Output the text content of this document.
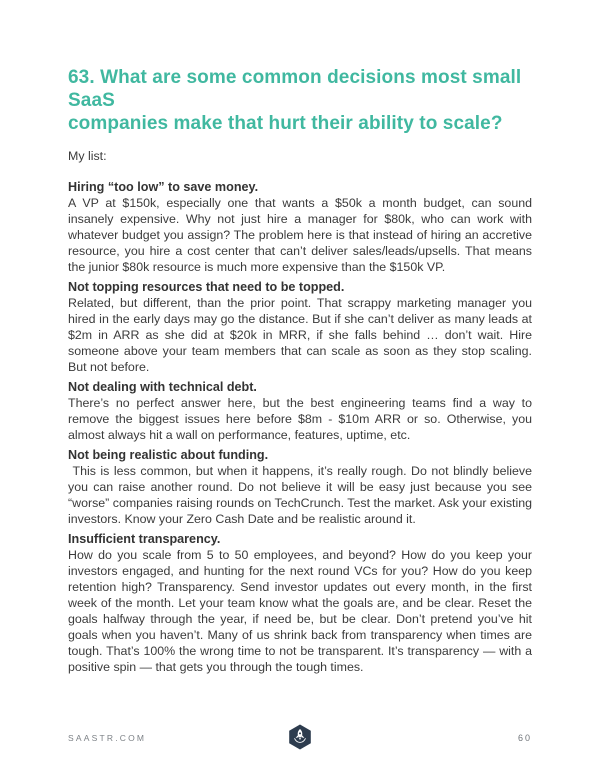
63. What are some common decisions most small SaaS
companies make that hurt their ability to scale?

My list:

Hiring “too low” to save money.

A VP at $150k, especially one that wants a $50k a month budget, can sound insanely expensive. Why not just hire a manager for $80k, who can work with whatever budget you assign? The problem here is that instead of hiring an accretive resource, you hire a cost center that can’t deliver sales/leads/upsells. That means the junior $80k resource is much more expensive than the $150k VP.

Not topping resources that need to be topped.

Related, but different, than the prior point. That scrappy marketing manager you hired in the early days may go the distance. But if she can’t deliver as many leads at $2m in ARR as she did at $20k in MRR, if she falls behind … don’t wait. Hire someone above your team members that can scale as soon as they stop scaling. But not before.

Not dealing with technical debt.

There’s no perfect answer here, but the best engineering teams find a way to remove the biggest issues here before $8m - $10m ARR or so. Otherwise, you almost always hit a wall on performance, features, uptime, etc.

Not being realistic about funding.

This is less common, but when it happens, it’s really rough. Do not blindly believe you can raise another round. Do not believe it will be easy just because you see “worse” companies raising rounds on TechCrunch. Test the market. Ask your existing investors. Know your Zero Cash Date and be realistic around it.

Insufficient transparency.

How do you scale from 5 to 50 employees, and beyond? How do you keep your investors engaged, and hunting for the next round VCs for you? How do you keep retention high? Transparency. Send investor updates out every month, in the first week of the month. Let your team know what the goals are, and be clear. Reset the goals halfway through the year, if need be, but be clear. Don’t pretend you’ve hit goals when you haven’t. Many of us shrink back from transparency when times are tough. That’s 100% the wrong time to not be transparent. It’s transparency — with a positive spin — that gets you through the tough times.

SAASTR.COM	60
